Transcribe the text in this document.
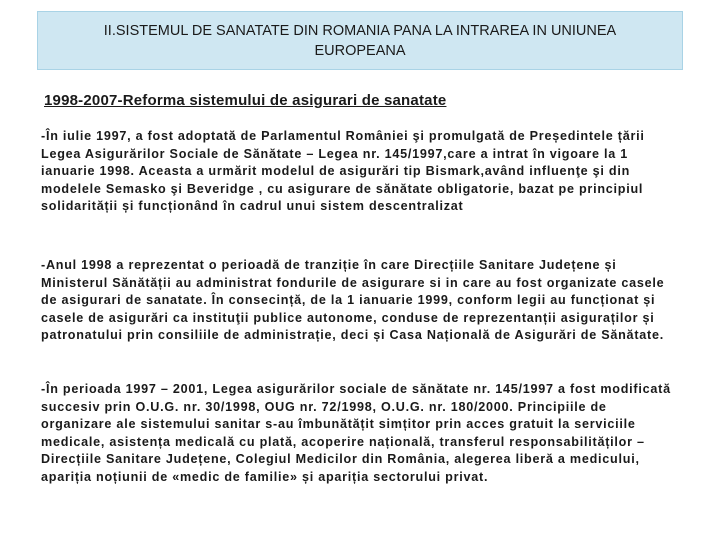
II.SISTEMUL DE SANATATE DIN ROMANIA PANA LA INTRAREA IN UNIUNEA EUROPEANA
1998-2007-Reforma sistemului de asigurari de sanatate

-În iulie 1997, a fost adoptată de Parlamentul României şi promulgată de Președintele țării Legea Asigurărilor Sociale de Sănătate – Legea nr. 145/1997,care a intrat în vigoare la 1 ianuarie 1998. Aceasta a urmărit modelul de asigurări tip Bismark,având influenţe şi din modelele Semasko şi Beveridge , cu asigurare de sănătate obligatorie, bazat pe principiul solidarității și funcționând în cadrul unui sistem descentralizat

-Anul 1998 a reprezentat o perioadă de tranziție în care Direcțiile Sanitare Județene și Ministerul Sănătății au administrat fondurile de asigurare si in care au fost organizate casele de asigurari de sanatate. În consecință, de la 1 ianuarie 1999, conform legii au funcționat și casele de asigurări ca instituţii publice autonome, conduse de reprezentanții asiguraților și patronatului prin consiliile de administrație, deci și Casa Națională de Asigurări de Sănătate.

-În perioada 1997 – 2001, Legea asigurărilor sociale de sănătate nr. 145/1997 a fost modificată succesiv prin O.U.G. nr. 30/1998, OUG nr. 72/1998, O.U.G. nr. 180/2000. Principiile de organizare ale sistemului sanitar s-au îmbunătățit simțitor prin acces gratuit la serviciile medicale, asistența medicală cu plată, acoperire națională, transferul responsabilităților – Direcțiile Sanitare Județene, Colegiul Medicilor din România, alegerea liberă a medicului, apariția noțiunii de «medic de familie» și apariția sectorului privat.
